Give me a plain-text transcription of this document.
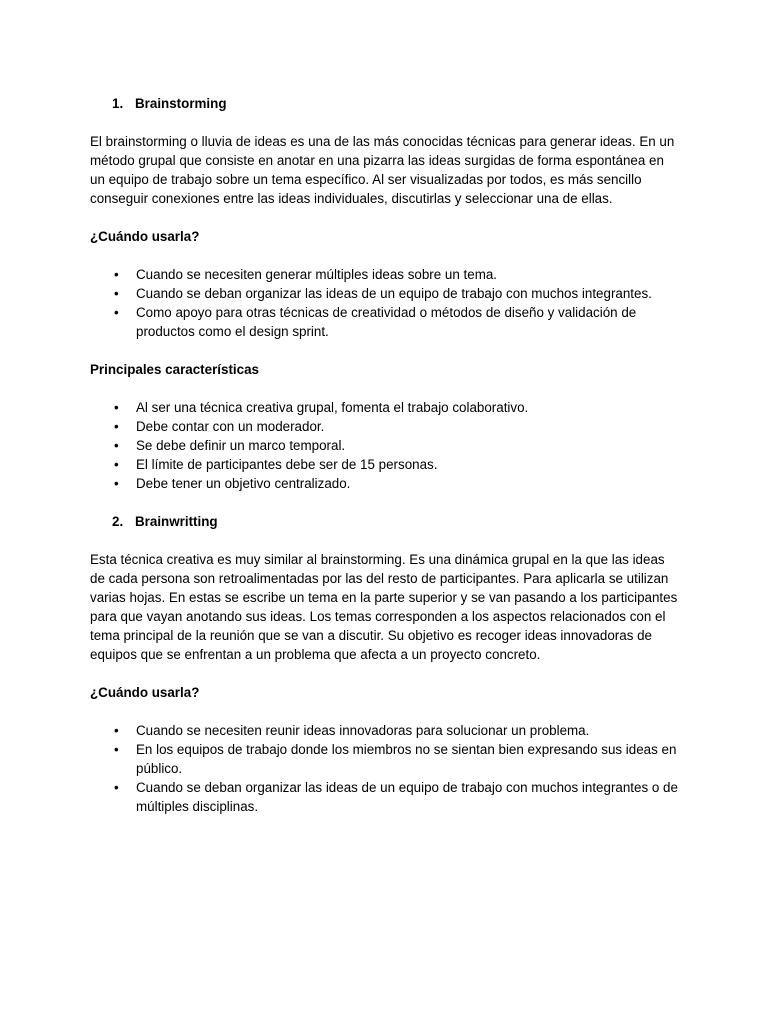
1. Brainstorming

El brainstorming o lluvia de ideas es una de las más conocidas técnicas para generar ideas. En un método grupal que consiste en anotar en una pizarra las ideas surgidas de forma espontánea en un equipo de trabajo sobre un tema específico. Al ser visualizadas por todos, es más sencillo conseguir conexiones entre las ideas individuales, discutirlas y seleccionar una de ellas.

¿Cuándo usarla?
• Cuando se necesiten generar múltiples ideas sobre un tema.
• Cuando se deban organizar las ideas de un equipo de trabajo con muchos integrantes.
• Como apoyo para otras técnicas de creatividad o métodos de diseño y validación de productos como el design sprint.
Principales características
• Al ser una técnica creativa grupal, fomenta el trabajo colaborativo.
• Debe contar con un moderador.
• Se debe definir un marco temporal.
• El límite de participantes debe ser de 15 personas.
• Debe tener un objetivo centralizado.
2. Brainwritting

Esta técnica creativa es muy similar al brainstorming. Es una dinámica grupal en la que las ideas de cada persona son retroalimentadas por las del resto de participantes. Para aplicarla se utilizan varias hojas. En estas se escribe un tema en la parte superior y se van pasando a los participantes para que vayan anotando sus ideas. Los temas corresponden a los aspectos relacionados con el tema principal de la reunión que se van a discutir. Su objetivo es recoger ideas innovadoras de equipos que se enfrentan a un problema que afecta a un proyecto concreto.

¿Cuándo usarla?
• Cuando se necesiten reunir ideas innovadoras para solucionar un problema.
• En los equipos de trabajo donde los miembros no se sientan bien expresando sus ideas en público.
• Cuando se deban organizar las ideas de un equipo de trabajo con muchos integrantes o de múltiples disciplinas.
